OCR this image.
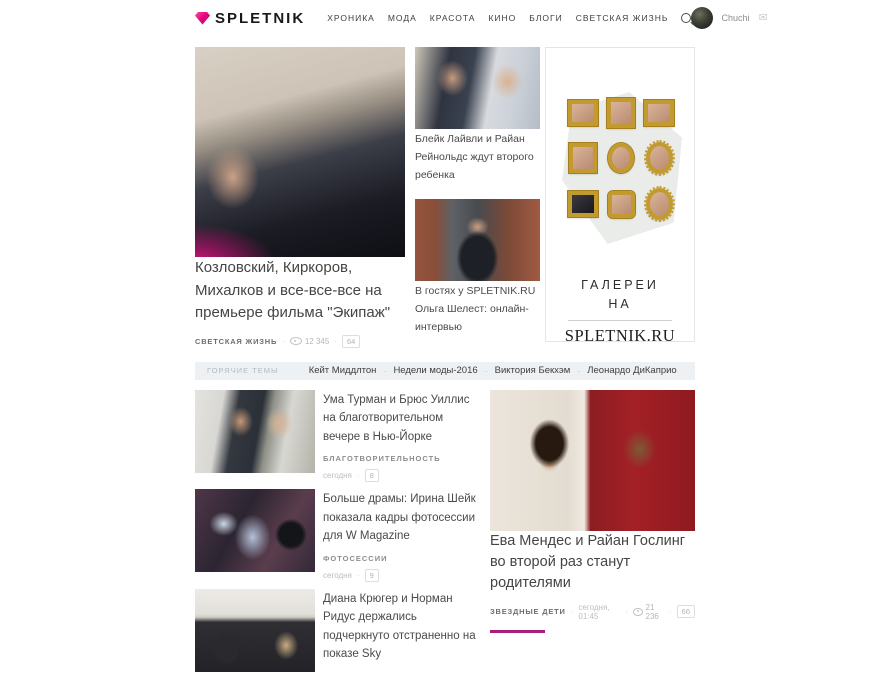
SPLETNIK	ХРОНИКА МОДА КРАСОТА КИНО БЛОГИ СВЕТСКАЯ ЖИЗНЬ	Chuchi ✉
Козловский, Киркоров, Михалков и все-все-все на премьере фильма "Экипаж"
СВЕТСКАЯ ЖИЗНЬ ·	12 345 ·	64
Блейк Лайвли и Райан Рейнольдс ждут второго ребенка
В гостях у SPLETNIK.RU Ольга Шелест: онлайн-интервью
ГАЛЕРЕИ
НА
SPLETNIK.RU
ГОРЯЧИЕ ТЕМЫ	Кейт Миддлтон · Недели моды-2016 · Виктория Бекхэм · Леонардо ДиКаприо
Ума Турман и Брюс Уиллис на благотворительном вечере в Нью-Йорке
БЛАГОТВОРИТЕЛЬНОСТЬ
сегодня ·	8
Больше драмы: Ирина Шейк показала кадры фотосессии для W Magazine
ФОТОСЕССИИ
сегодня ·	9
Диана Крюгер и Норман Ридус держались подчеркнуто отстраненно на показе Sky
Ева Мендес и Райан Гослинг во второй раз станут родителями
ЗВЕЗДНЫЕ ДЕТИ · сегодня, 01:45	· 21 236	·	66
